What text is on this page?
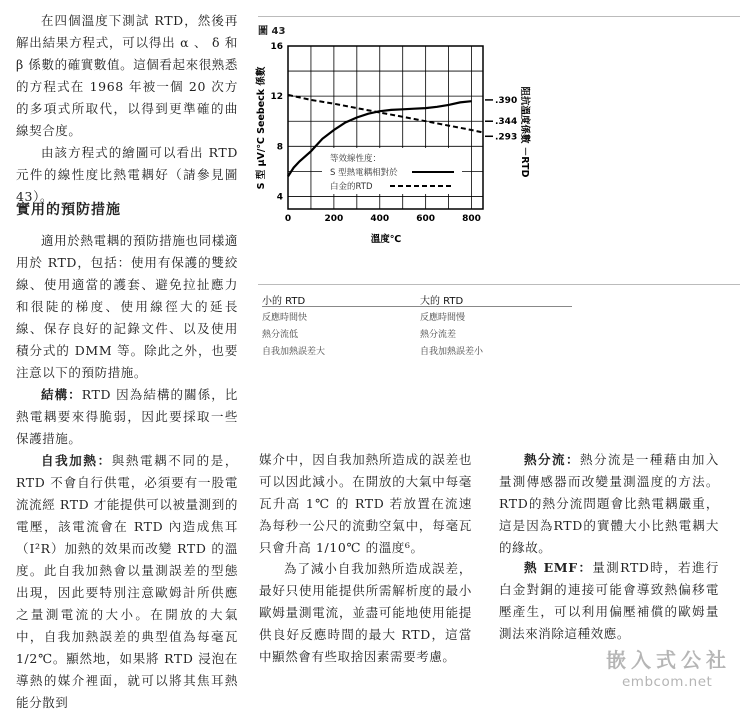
在四個溫度下測試 RTD，然後再解出結果方程式，可以得出 α 、 δ 和 β 係數的確實數值。這個看起來很熟悉的方程式在 1968 年被一個 20 次方的多項式所取代，以得到更準確的曲線契合度。
由該方程式的繪圖可以看出 RTD 元件的線性度比熱電耦好（請參見圖 43）。
實用的預防措施
適用於熱電耦的預防措施也同樣適用於 RTD，包括：使用有保護的雙絞線、使用適當的護套、避免拉扯應力和很陡的梯度、使用線徑大的延長線、保存良好的記錄文件、以及使用積分式的 DMM 等。除此之外，也要注意以下的預防措施。
結構：RTD 因為結構的關係，比熱電耦要來得脆弱，因此要採取一些保護措施。
自我加熱：與熱電耦不同的是，RTD 不會自行供電，必須要有一股電流流經 RTD 才能提供可以被量測到的電壓，該電流會在 RTD 內造成焦耳（I²R）加熱的效果而改變 RTD 的溫度。此自我加熱會以量測誤差的型態出現，因此要特別注意歐姆計所供應之量測電流的大小。在開放的大氣中，自我加熱誤差的典型值為每毫瓦 1/2℃。顯然地，如果將 RTD 浸泡在導熱的媒介裡面，就可以將其焦耳熱能分散到
圖 43
0	200	400	600	800
4
8
12
16
.390
.344
.293
等效線性度：
S 型熱電耦相對於
白金的RTD
S 型 μV/℃ Seebeck 係數	阻抗溫度係數 －RTD
溫度℃
小的 RTD	大的 RTD
反應時間快	反應時間慢
熱分流低	熱分流差
自我加熱誤差大	自我加熱誤差小
媒介中，因自我加熱所造成的誤差也可以因此減小。在開放的大氣中每毫瓦升高 1℃ 的 RTD 若放置在流速為每秒一公尺的流動空氣中，每毫瓦只會升高 1/10℃ 的溫度⁶。
為了減小自我加熱所造成誤差，最好只使用能提供所需解析度的最小歐姆量測電流，並盡可能地使用能提供良好反應時間的最大 RTD，這當中顯然會有些取捨因素需要考慮。
熱分流：熱分流是一種藉由加入量測傳感器而改變量測溫度的方法。RTD的熱分流問題會比熱電耦嚴重，這是因為RTD的實體大小比熱電耦大的緣故。
熱 EMF：量測RTD時，若進行白金對銅的連接可能會導致熱偏移電壓產生，可以利用偏壓補償的歐姆量測法來消除這種效應。
嵌入式公社
embcom.net
